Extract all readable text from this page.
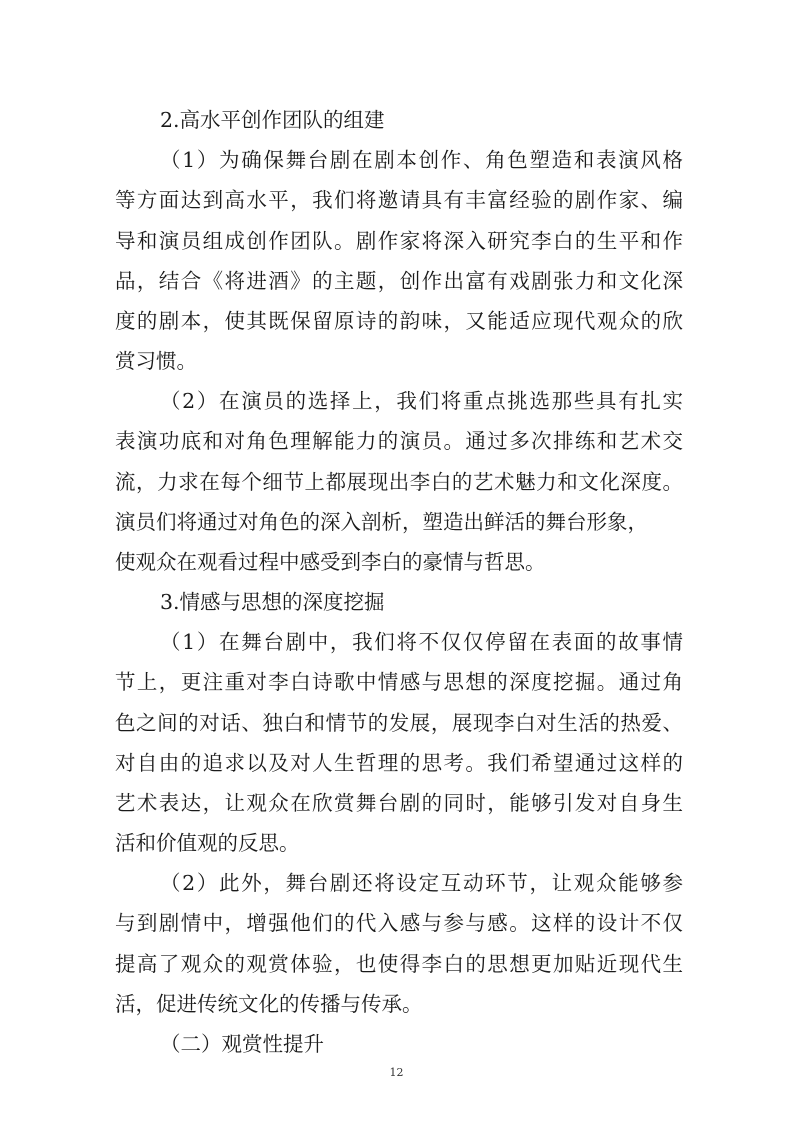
2.高水平创作团队的组建
（1）为确保舞台剧在剧本创作、角色塑造和表演风格
等方面达到高水平，我们将邀请具有丰富经验的剧作家、编
导和演员组成创作团队。剧作家将深入研究李白的生平和作
品，结合《将进酒》的主题，创作出富有戏剧张力和文化深
度的剧本，使其既保留原诗的韵味，又能适应现代观众的欣
赏习惯。
（2）在演员的选择上，我们将重点挑选那些具有扎实
表演功底和对角色理解能力的演员。通过多次排练和艺术交
流，力求在每个细节上都展现出李白的艺术魅力和文化深度。
演员们将通过对角色的深入剖析，塑造出鲜活的舞台形象，
使观众在观看过程中感受到李白的豪情与哲思。
3.情感与思想的深度挖掘
（1）在舞台剧中，我们将不仅仅停留在表面的故事情
节上，更注重对李白诗歌中情感与思想的深度挖掘。通过角
色之间的对话、独白和情节的发展，展现李白对生活的热爱、
对自由的追求以及对人生哲理的思考。我们希望通过这样的
艺术表达，让观众在欣赏舞台剧的同时，能够引发对自身生
活和价值观的反思。
（2）此外，舞台剧还将设定互动环节，让观众能够参
与到剧情中，增强他们的代入感与参与感。这样的设计不仅
提高了观众的观赏体验，也使得李白的思想更加贴近现代生
活，促进传统文化的传播与传承。
（二）观赏性提升
12
